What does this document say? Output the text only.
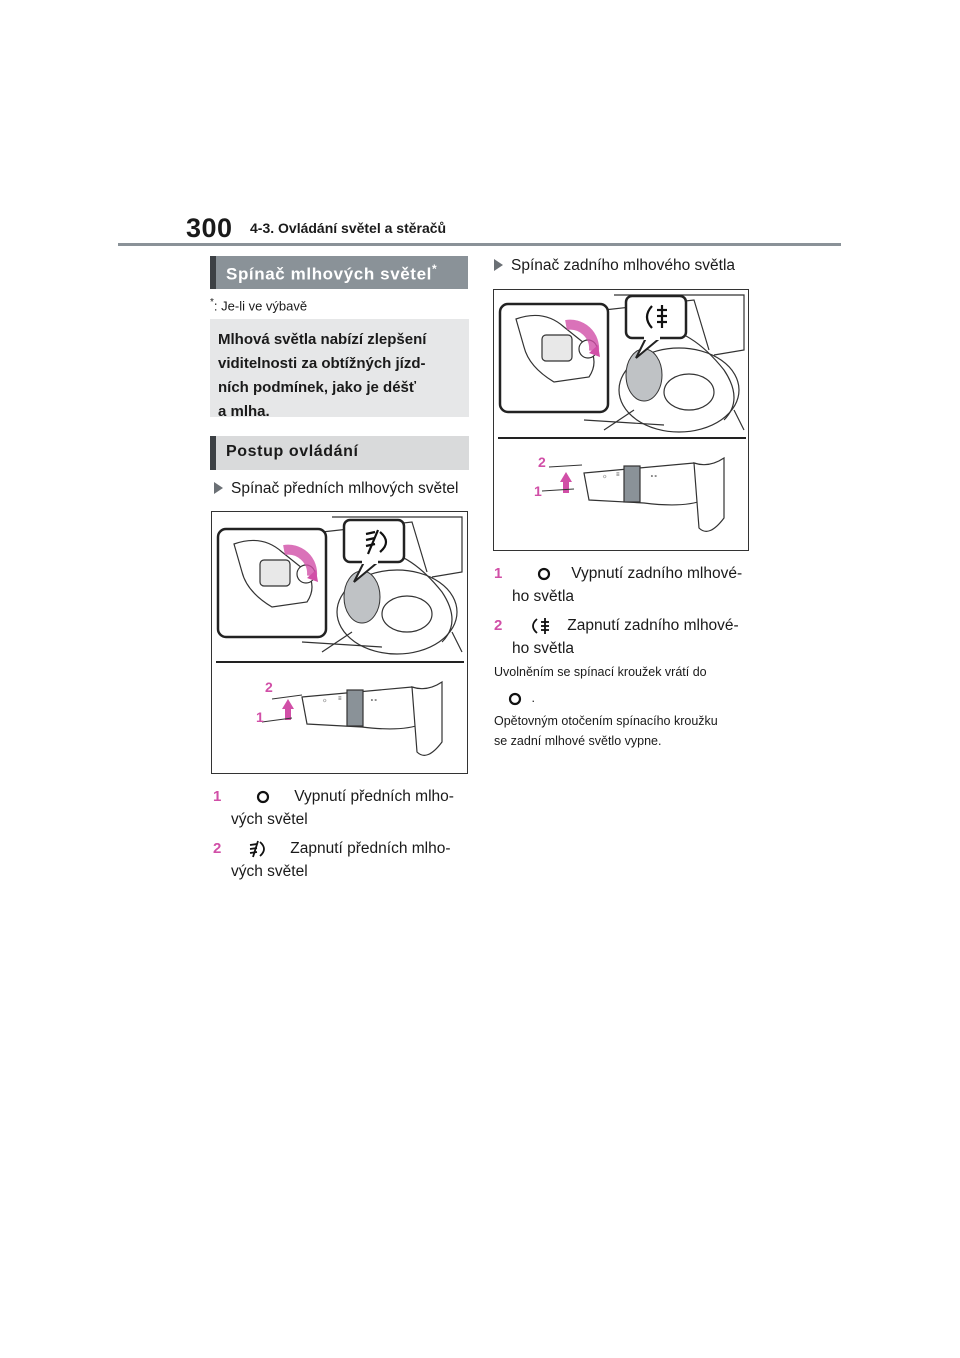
300 4-3. Ovládání světel a stěračů
Spínač mlhových světel*
*: Je-li ve výbavě
Mlhová světla nabízí zlepšení
viditelnosti za obtížných jízd-
ních podmínek, jako je déšť
a mlha.
Postup ovládání
Spínač předních mlhových světel
☼ ≡	∘∘
2
1
1	Vypnutí předních mlho-
vých světel
2	Zapnutí předních mlho-
vých světel
Spínač zadního mlhového světla
☼ ≡	∘∘
2
1
1	Vypnutí zadního mlhové-
ho světla
2	Zapnutí zadního mlhové-
ho světla
Uvolněním se spínací kroužek vrátí do
.
Opětovným otočením spínacího kroužku
se zadní mlhové světlo vypne.
